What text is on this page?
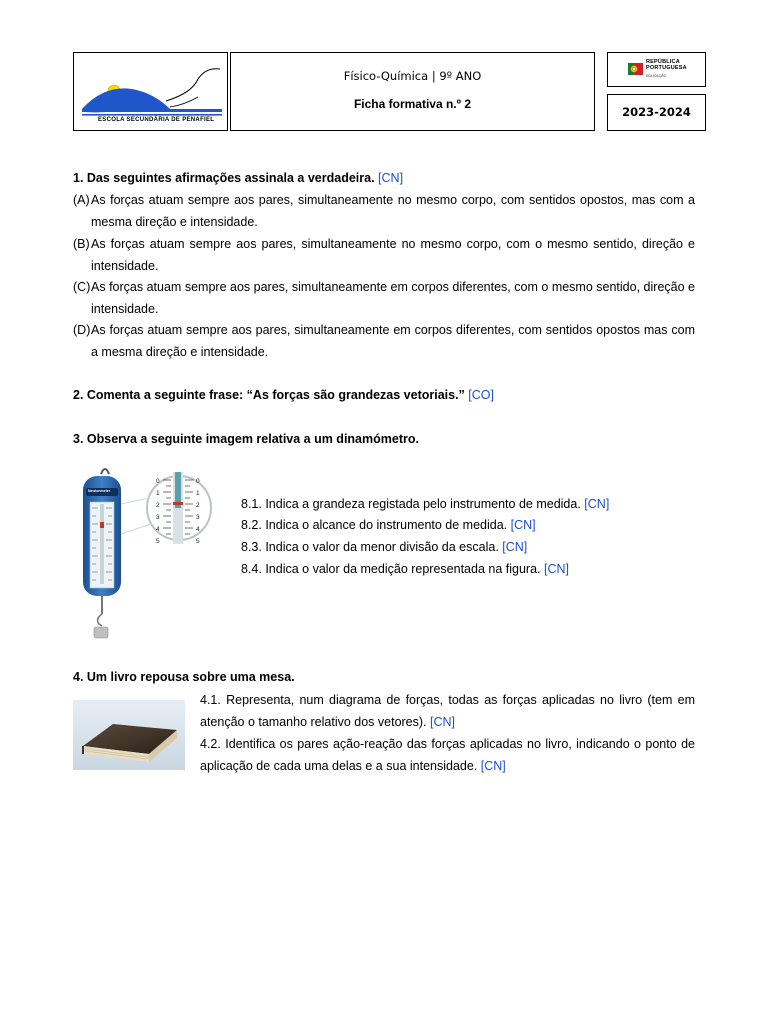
ESCOLA SECUNDÁRIA DE PENAFIEL
Físico-Química | 9º ANO
Ficha formativa n.º 2
REPÚBLICA
PORTUGUESA
EDUCAÇÃO
2023-2024
1. Das seguintes afirmações assinala a verdadeira. [CN]
(A) As forças atuam sempre aos pares, simultaneamente no mesmo corpo, com sentidos opostos, mas com a mesma direção e intensidade.
(B) As forças atuam sempre aos pares, simultaneamente no mesmo corpo, com o mesmo sentido, direção e intensidade.
(C) As forças atuam sempre aos pares, simultaneamente em corpos diferentes, com o mesmo sentido, direção e intensidade.
(D) As forças atuam sempre aos pares, simultaneamente em corpos diferentes, com sentidos opostos mas com a mesma direção e intensidade.
2. Comenta a seguinte frase: “As forças são grandezas vetoriais.” [CO]
3. Observa a seguinte imagem relativa a um dinamómetro.
Newtonmeter
0
1
2
3
4
5
0
1
2
3
4
5
8.1. Indica a grandeza registada pelo instrumento de medida. [CN]
8.2. Indica o alcance do instrumento de medida. [CN]
8.3. Indica o valor da menor divisão da escala. [CN]
8.4. Indica o valor da medição representada na figura. [CN]
4. Um livro repousa sobre uma mesa.
4.1. Representa, num diagrama de forças, todas as forças aplicadas no livro (tem em atenção o tamanho relativo dos vetores). [CN]
4.2. Identifica os pares ação-reação das forças aplicadas no livro, indicando o ponto de aplicação de cada uma delas e a sua intensidade. [CN]
